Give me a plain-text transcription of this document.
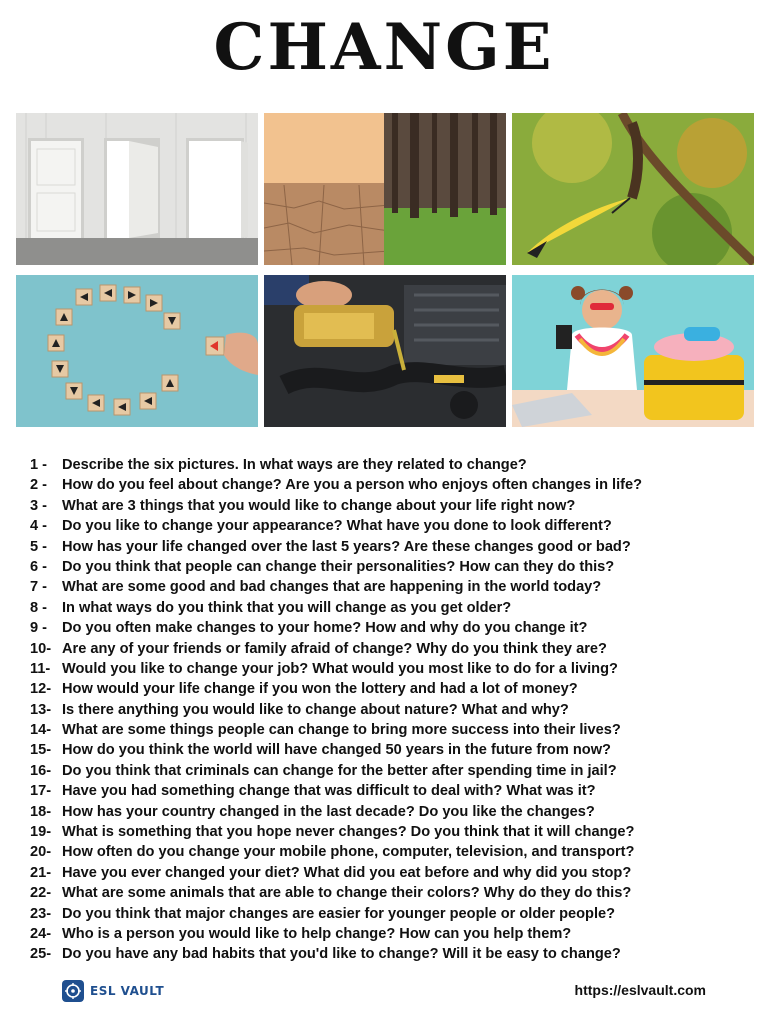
CHANGE
1 -	Describe the six pictures. In what ways are they related to change?
2 -	How do you feel about change? Are you a person who enjoys often changes in life?
3 -	What are 3 things that you would like to change about your life right now?
4 -	Do you like to change your appearance? What have you done to look different?
5 -	How has your life changed over the last 5 years? Are these changes good or bad?
6 -	Do you think that people can change their personalities? How can they do this?
7 -	What are some good and bad changes that are happening in the world today?
8 -	In what ways do you think that you will change as you get older?
9 -	Do you often make changes to your home? How and why do you change it?
10- Are any of your friends or family afraid of change? Why do you think they are?
11- Would you like to change your job? What would you most like to do for a living?
12- How would your life change if you won the lottery and had a lot of money?
13- Is there anything you would like to change about nature? What and why?
14- What are some things people can change to bring more success into their lives?
15- How do you think the world will have changed 50 years in the future from now?
16- Do you think that criminals can change for the better after spending time in jail?
17- Have you had something change that was difficult to deal with? What was it?
18- How has your country changed in the last decade? Do you like the changes?
19- What is something that you hope never changes? Do you think that it will change?
20- How often do you change your mobile phone, computer, television, and transport?
21- Have you ever changed your diet? What did you eat before and why did you stop?
22- What are some animals that are able to change their colors? Why do they do this?
23- Do you think that major changes are easier for younger people or older people?
24- Who is a person you would like to help change? How can you help them?
25- Do you have any bad habits that you'd like to change? Will it be easy to change?
ESL VAULT	https://eslvault.com
